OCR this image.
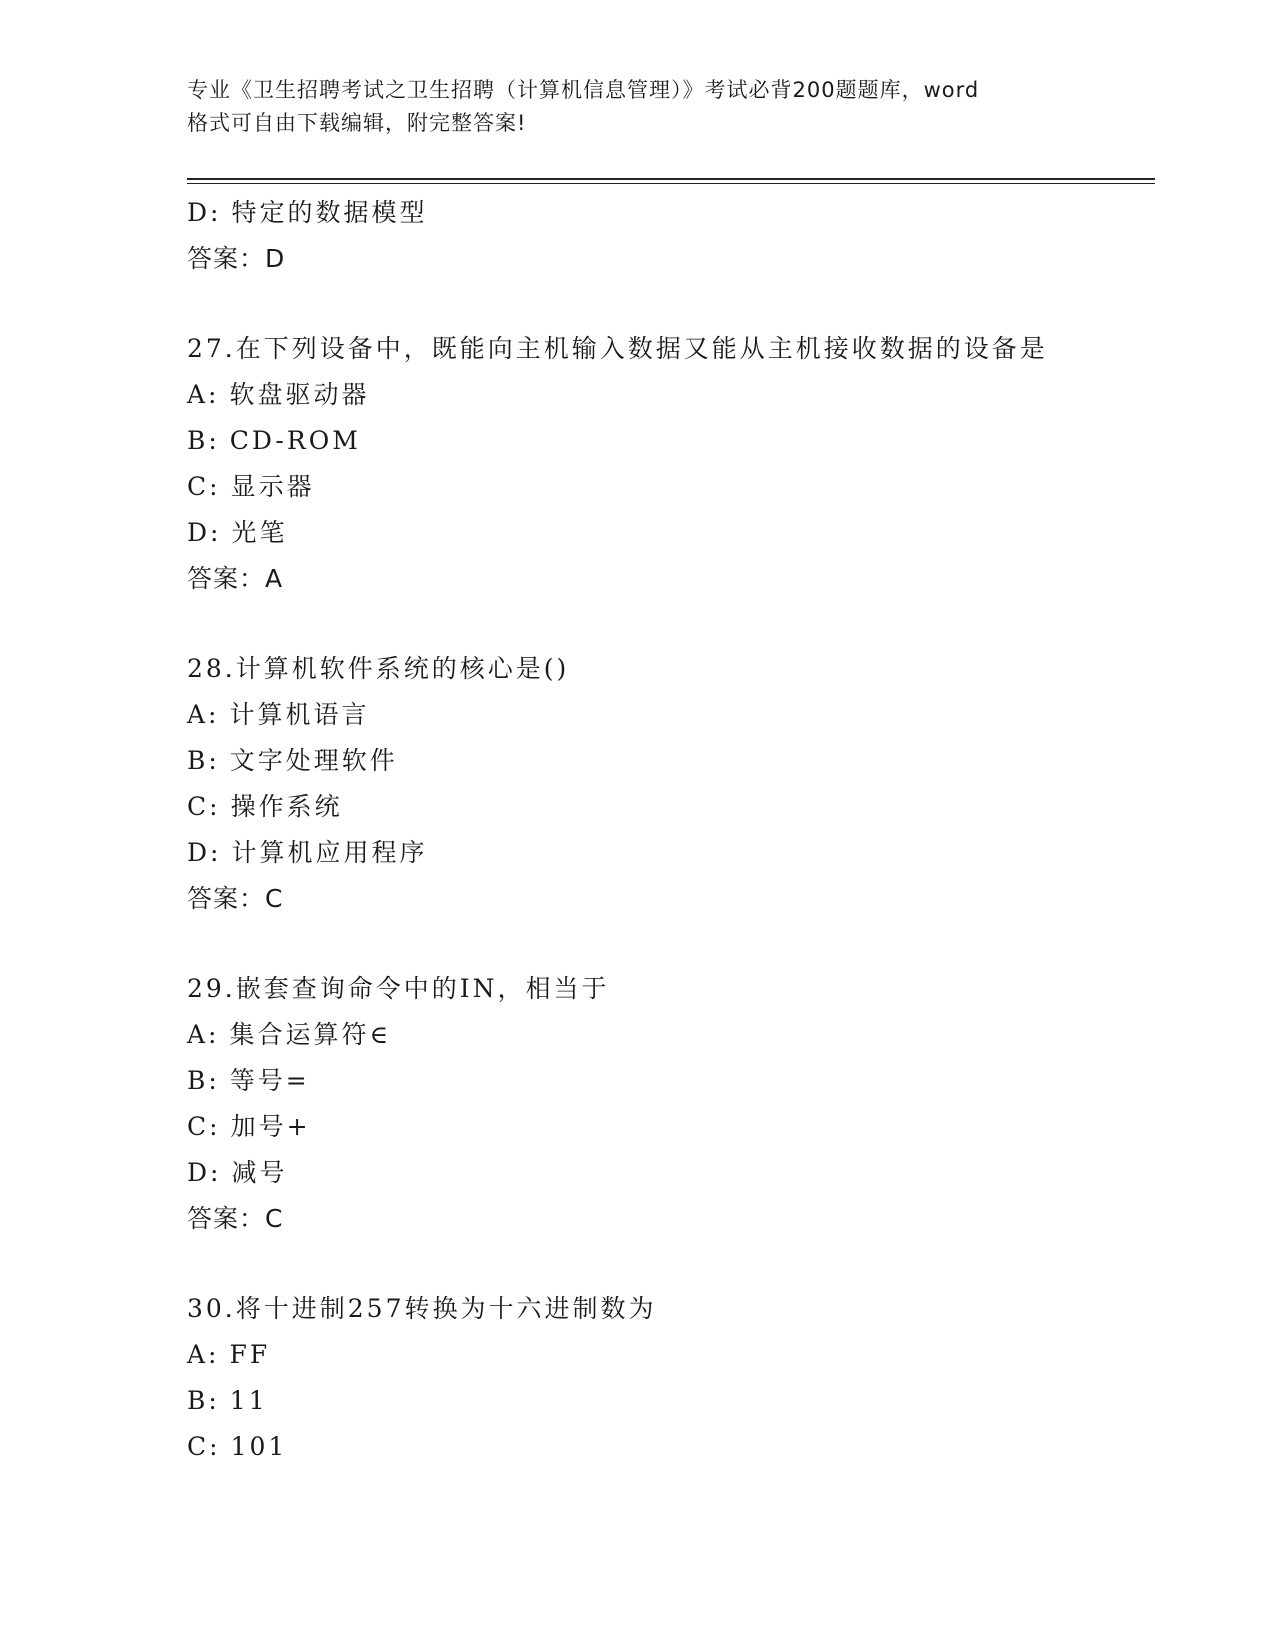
专业《卫生招聘考试之卫生招聘（计算机信息管理）》考试必背200题题库，word
格式可自由下载编辑，附完整答案!
D: 特定的数据模型
答案：D
27.在下列设备中，既能向主机输入数据又能从主机接收数据的设备是
A: 软盘驱动器
B: CD-ROM
C: 显示器
D: 光笔
答案：A
28.计算机软件系统的核心是()
A: 计算机语言
B: 文字处理软件
C: 操作系统
D: 计算机应用程序
答案：C
29.嵌套查询命令中的IN，相当于
A: 集合运算符∈
B: 等号=
C: 加号+
D: 减号
答案：C
30.将十进制257转换为十六进制数为
A: FF
B: 11
C: 101
